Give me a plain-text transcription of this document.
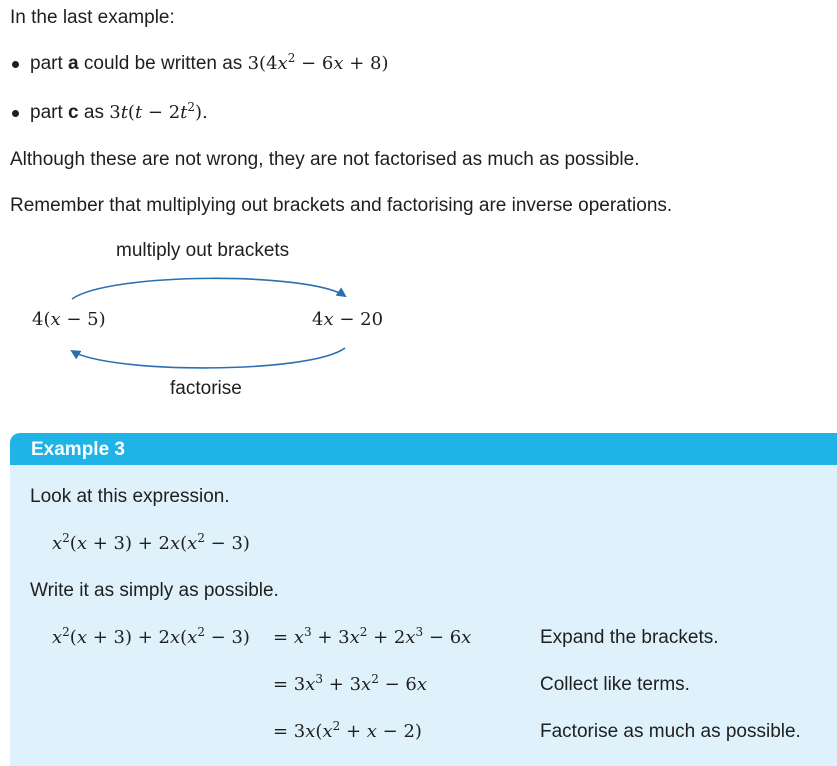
In the last example:
part a could be written as $3(4x^2 - 6x + 8)$
part c as $3t(t - 2t^2)$.
Although these are not wrong, they are not factorised as much as possible.
Remember that multiplying out brackets and factorising are inverse operations.
multiply out brackets
4(x − 5)	4x − 20
factorise
Example 3
Look at this expression.
$x^2(x + 3) + 2x(x^2 - 3)$
Write it as simply as possible.
$x^2(x + 3) + 2x(x^2 - 3) = x^3 + 3x^2 + 2x^3 - 6x$	Expand the brackets.
= $3x^3 + 3x^2 - 6x$	Collect like terms.
= $3x(x^2 + x - 2)$	Factorise as much as possible.
